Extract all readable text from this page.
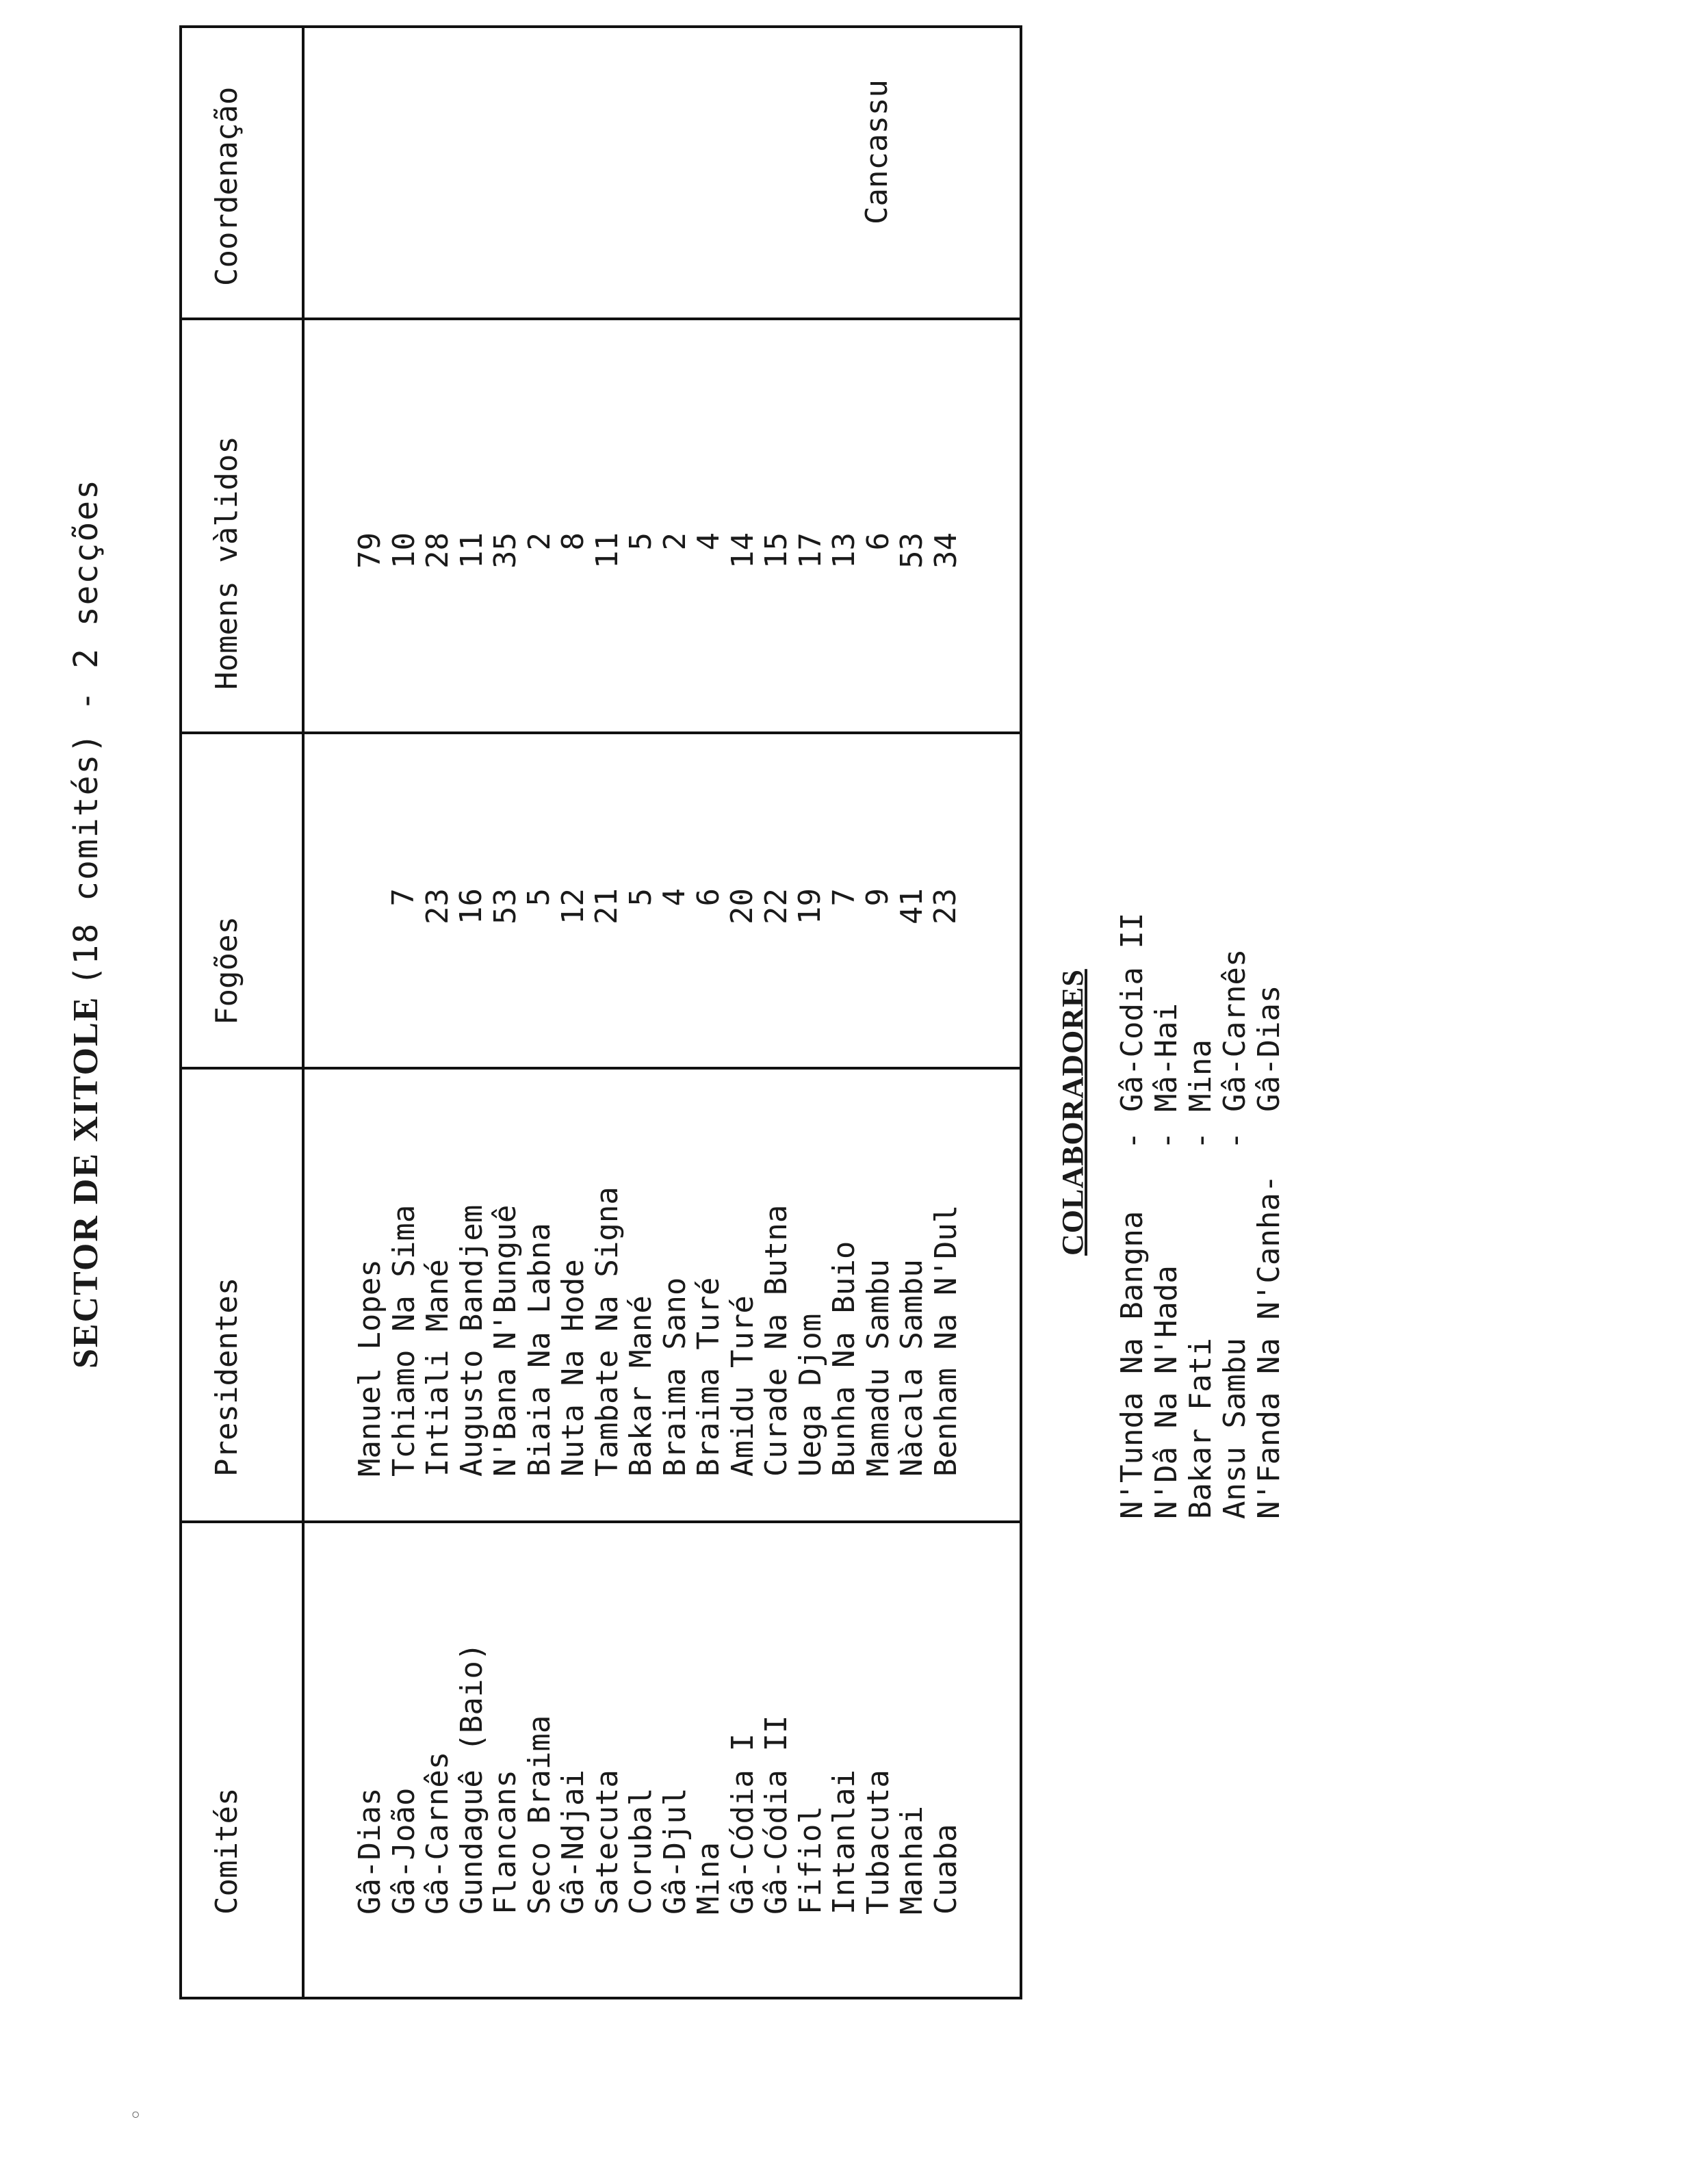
SECTOR DE XITOLE (18 comités) - 2 secções
Comités
Presidentes
Fogões
Homens vàlidos
Coordenação
Gâ-Dias
Gâ-João
Gâ-Carnês
Gundaguê (Baio)
Flancans
Seco Braima
Gâ-Ndjai
Satecuta
Corubal
Gâ-Djul
Mina
Gâ-Códia I
Gâ-Códia II
Fifiol
Intanlai
Tubacuta
Manhai
Cuaba
Manuel Lopes
Tchiamo Na Sima
Intiali Mané
Augusto Bandjem
N'Bana N'Bunguê
Biaia Na Labna
Nuta Na Hode
Tambate Na Signa
Bakar Mané
Braima Sano
Braima Turé
Amidu Turé
Curade Na Butna
Uega Djom
Bunha Na Buio
Mamadu Sambu
Nàcala Sambu
Benham Na N'Dul
7
23
16
53
5
12
21
5
4
6
20
22
19
7
9
41
23
79
10
28
11
35
2
8
11
5
2
4
14
15
17
13
6
53
34
Cancassu
COLABORADORES
N'Tunda Na Bangna-Gâ-Codia II
N'Dâ Na N'Hada-Mâ-Hai
Bakar Fati-Mina
Ansu Sambu-Gâ-Carnês
N'Fanda Na N'Canha-Gâ-Dias
◦
